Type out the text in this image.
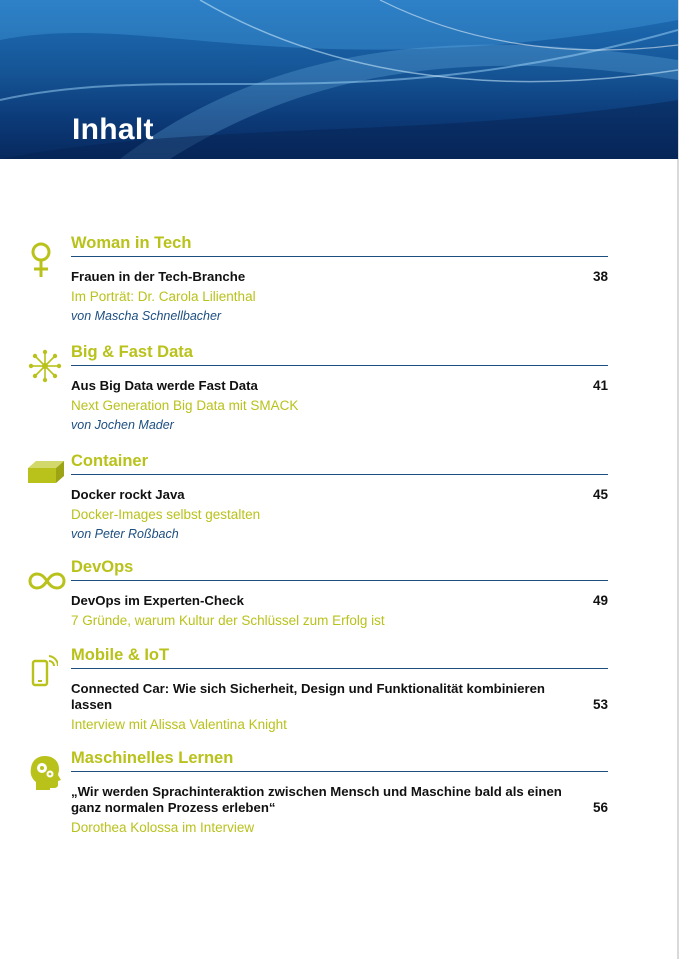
Inhalt
Woman in Tech
Frauen in der Tech-Branche
Im Porträt: Dr. Carola Lilienthal
von Mascha Schnellbacher
38
Big & Fast Data
Aus Big Data werde Fast Data
Next Generation Big Data mit SMACK
von Jochen Mader
41
Container
Docker rockt Java
Docker-Images selbst gestalten
von Peter Roßbach
45
DevOps
DevOps im Experten-Check
7 Gründe, warum Kultur der Schlüssel zum Erfolg ist
49
Mobile & IoT
Connected Car: Wie sich Sicherheit, Design und Funktionalität kombinieren lassen
Interview mit Alissa Valentina Knight
53
Maschinelles Lernen
„Wir werden Sprachinteraktion zwischen Mensch und Maschine bald als einen ganz normalen Prozess erleben“
Dorothea Kolossa im Interview
56
